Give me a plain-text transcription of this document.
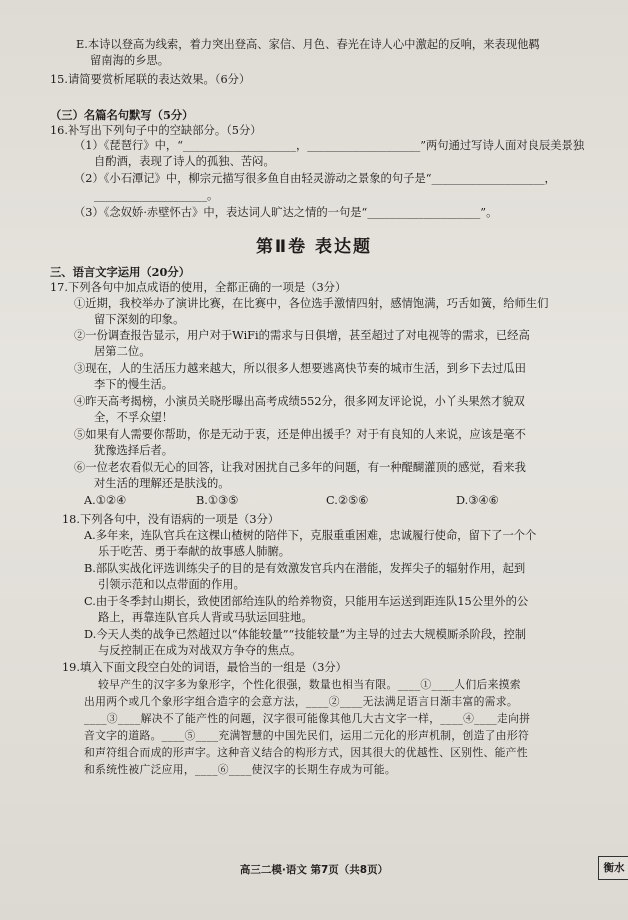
E.本诗以登高为线索，着力突出登高、家信、月色、春光在诗人心中激起的反响，来表现他羁
留南海的乡思。
15.请简要赏析尾联的表达效果。（6分）
（三）名篇名句默写（5分）
16.补写出下列句子中的空缺部分。（5分）
（1）《琵琶行》中，“____________________，____________________”两句通过写诗人面对良辰美景独
自酌酒，表现了诗人的孤独、苦闷。
（2）《小石潭记》中，柳宗元描写很多鱼自由轻灵游动之景象的句子是“____________________，
____________________。
（3）《念奴娇·赤壁怀古》中，表达词人旷达之情的一句是“____________________”。
三、语言文字运用（20分）
17.下列各句中加点成语的使用，全都正确的一项是（3分）
①近期，我校举办了演讲比赛，在比赛中，各位选手激情四射，感情饱满，巧舌如簧，给师生们
留下深刻的印象。
②一份调查报告显示，用户对于WiFi的需求与日俱增，甚至超过了对电视等的需求，已经高
居第二位。
③现在，人的生活压力越来越大，所以很多人想要逃离快节奏的城市生活，到乡下去过瓜田
李下的慢生活。
④昨天高考揭榜，小演员关晓彤曝出高考成绩552分，很多网友评论说，小丫头果然才貌双
全，不孚众望！
⑤如果有人需要你帮助，你是无动于衷，还是伸出援手？对于有良知的人来说，应该是毫不
犹豫选择后者。
⑥一位老农看似无心的回答，让我对困扰自己多年的问题，有一种醍醐灌顶的感觉，看来我
对生活的理解还是肤浅的。
A.①②④	B.①③⑤	C.②⑤⑥	D.③④⑥
18.下列各句中，没有语病的一项是（3分）
A.多年来，连队官兵在这棵山楂树的陪伴下，克服重重困难，忠诚履行使命，留下了一个个
乐于吃苦、勇于奉献的故事感人肺腑。
B.部队实战化评选训练尖子的目的是有效激发官兵内在潜能，发挥尖子的辐射作用，起到
引领示范和以点带面的作用。
C.由于冬季封山期长，致使团部给连队的给养物资，只能用车运送到距连队15公里外的公
路上，再靠连队官兵人背或马驮运回驻地。
D.今天人类的战争已然超过以“体能较量”“技能较量”为主导的过去大规模厮杀阶段，控制
与反控制正在成为对战双方争夺的焦点。
19.填入下面文段空白处的词语，最恰当的一组是（3分）
较早产生的汉字多为象形字，个性化很强，数量也相当有限。____①____人们后来摸索
出用两个或几个象形字组合造字的会意方法，____②____无法满足语言日渐丰富的需求。
____③____解决不了能产性的问题，汉字很可能像其他几大古文字一样，____④____走向拼
音文字的道路。____⑤____充满智慧的中国先民们，运用二元化的形声机制，创造了由形符
和声符组合而成的形声字。这种音义结合的构形方式，因其很大的优越性、区别性、能产性
和系统性被广泛应用，____⑥____使汉字的长期生存成为可能。
第Ⅱ卷 表达题
高三二模·语文 第7页（共8页）	衡水
